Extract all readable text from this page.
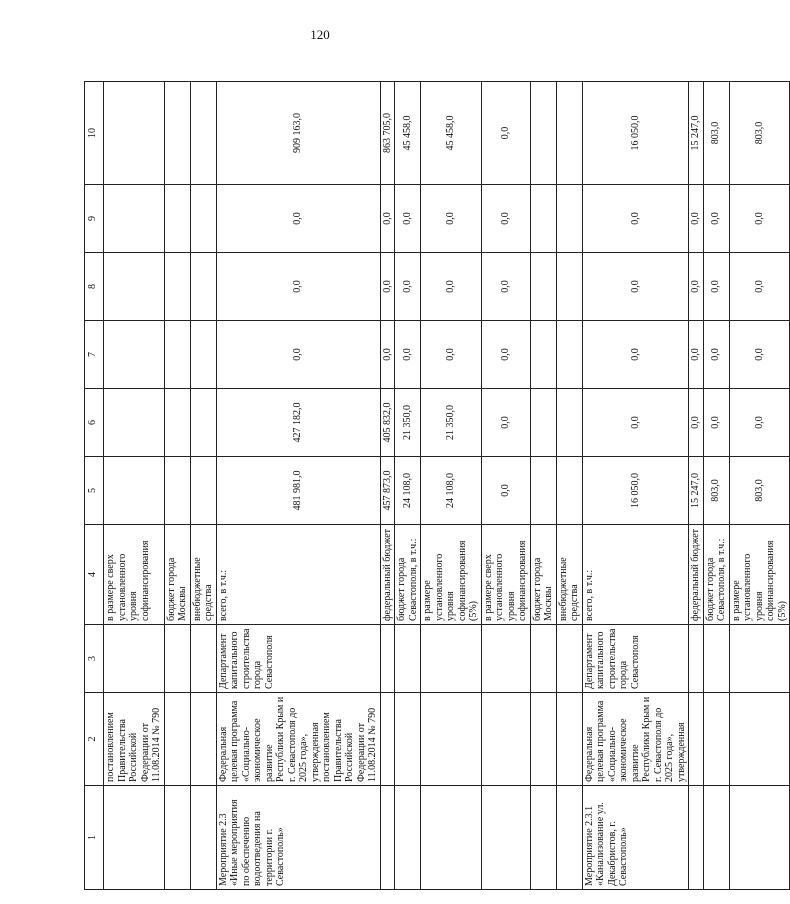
120
1	2	3	4	5	6	7	8	9	10
	постановлением Правительства Российской Федерации от 11.08.2014 № 790		в размере сверх установленного уровня софинансирования						
			бюджет города Москвы						
			внебюджетные средства						
Мероприятие 2.3 «Иные мероприятия по обеспечению водоотведения на территории г. Севастополь»	Федеральная целевая программа «Социально-экономическое развитие Республики Крым и г. Севастополя до 2025 года», утвержденная постановлением Правительства Российской Федерации от 11.08.2014 № 790	Департамент капитального строительства города Севастополя	всего, в т.ч.:	481 981,0	427 182,0	0,0	0,0	0,0	909 163,0
			федеральный бюджет	457 873,0	405 832,0	0,0	0,0	0,0	863 705,0
			бюджет города Севастополя, в т.ч.:	24 108,0	21 350,0	0,0	0,0	0,0	45 458,0
			в размере установленного уровня софинансирования (5%)	24 108,0	21 350,0	0,0	0,0	0,0	45 458,0
			в размере сверх установленного уровня софинансирования	0,0	0,0	0,0	0,0	0,0	0,0
			бюджет города Москвы						
			внебюджетные средства						
Мероприятие 2.3.1 «Канализование ул. Декабристов, г. Севастополь»	Федеральная целевая программа «Социально-экономическое развитие Республики Крым и г. Севастополя до 2025 года», утвержденная	Департамент капитального строительства города Севастополя	всего, в т.ч.:	16 050,0	0,0	0,0	0,0	0,0	16 050,0
			федеральный бюджет	15 247,0	0,0	0,0	0,0	0,0	15 247,0
			бюджет города Севастополя, в т.ч.:	803,0	0,0	0,0	0,0	0,0	803,0
			в размере установленного уровня софинансирования (5%)	803,0	0,0	0,0	0,0	0,0	803,0
